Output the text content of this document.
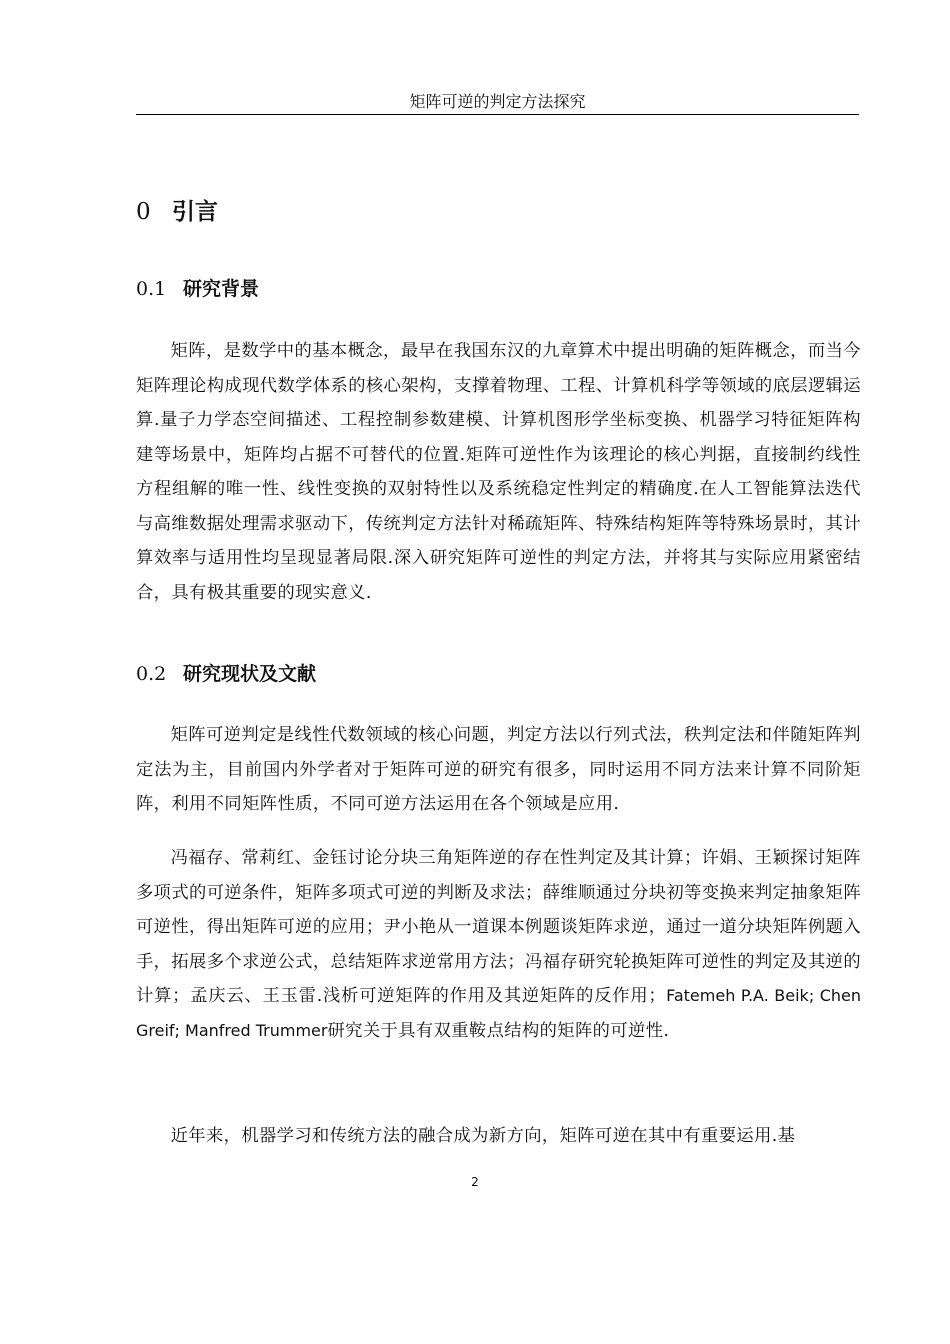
矩阵可逆的判定方法探究
0 引言
0.1 研究背景

矩阵，是数学中的基本概念，最早在我国东汉的九章算术中提出明确的矩阵概念，而当今矩阵理论构成现代数学体系的核心架构，支撑着物理、工程、计算机科学等领域的底层逻辑运算.量子力学态空间描述、工程控制参数建模、计算机图形学坐标变换、机器学习特征矩阵构建等场景中，矩阵均占据不可替代的位置.矩阵可逆性作为该理论的核心判据，直接制约线性方程组解的唯一性、线性变换的双射特性以及系统稳定性判定的精确度.在人工智能算法迭代与高维数据处理需求驱动下，传统判定方法针对稀疏矩阵、特殊结构矩阵等特殊场景时，其计算效率与适用性均呈现显著局限.深入研究矩阵可逆性的判定方法，并将其与实际应用紧密结合，具有极其重要的现实意义.

0.2 研究现状及文献

矩阵可逆判定是线性代数领域的核心问题，判定方法以行列式法，秩判定法和伴随矩阵判定法为主，目前国内外学者对于矩阵可逆的研究有很多，同时运用不同方法来计算不同阶矩阵，利用不同矩阵性质，不同可逆方法运用在各个领域是应用.

冯福存、常莉红、金钰讨论分块三角矩阵逆的存在性判定及其计算；许娟、王颖探讨矩阵多项式的可逆条件，矩阵多项式可逆的判断及求法；薛维顺通过分块初等变换来判定抽象矩阵可逆性，得出矩阵可逆的应用；尹小艳从一道课本例题谈矩阵求逆，通过一道分块矩阵例题入手，拓展多个求逆公式，总结矩阵求逆常用方法；冯福存研究轮换矩阵可逆性的判定及其逆的计算；孟庆云、王玉雷.浅析可逆矩阵的作用及其逆矩阵的反作用；Fatemeh P.A. Beik; Chen Greif; Manfred Trummer研究关于具有双重鞍点结构的矩阵的可逆性.

近年来，机器学习和传统方法的融合成为新方向，矩阵可逆在其中有重要运用.基

2
